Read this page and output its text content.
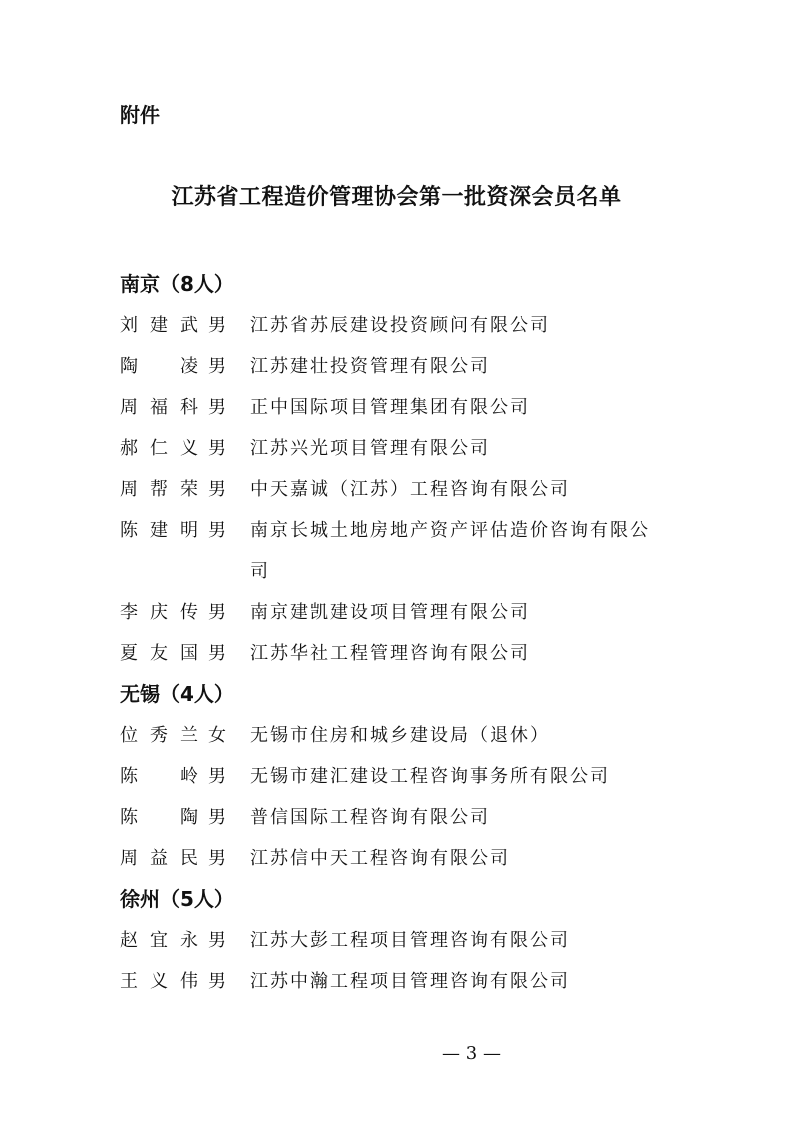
附件
江苏省工程造价管理协会第一批资深会员名单
南京（8人）
刘建武 男 江苏省苏辰建设投资顾问有限公司
陶凌 男 江苏建壮投资管理有限公司
周福科 男 正中国际项目管理集团有限公司
郝仁义 男 江苏兴光项目管理有限公司
周帮荣 男 中天嘉诚（江苏）工程咨询有限公司
陈建明 男 南京长城土地房地产资产评估造价咨询有限公司
李庆传 男 南京建凯建设项目管理有限公司
夏友国 男 江苏华社工程管理咨询有限公司
无锡（4人）
位秀兰 女 无锡市住房和城乡建设局（退休）
陈岭 男 无锡市建汇建设工程咨询事务所有限公司
陈陶 男 普信国际工程咨询有限公司
周益民 男 江苏信中天工程咨询有限公司
徐州（5人）
赵宜永 男 江苏大彭工程项目管理咨询有限公司
王义伟 男 江苏中瀚工程项目管理咨询有限公司
— 3 —
